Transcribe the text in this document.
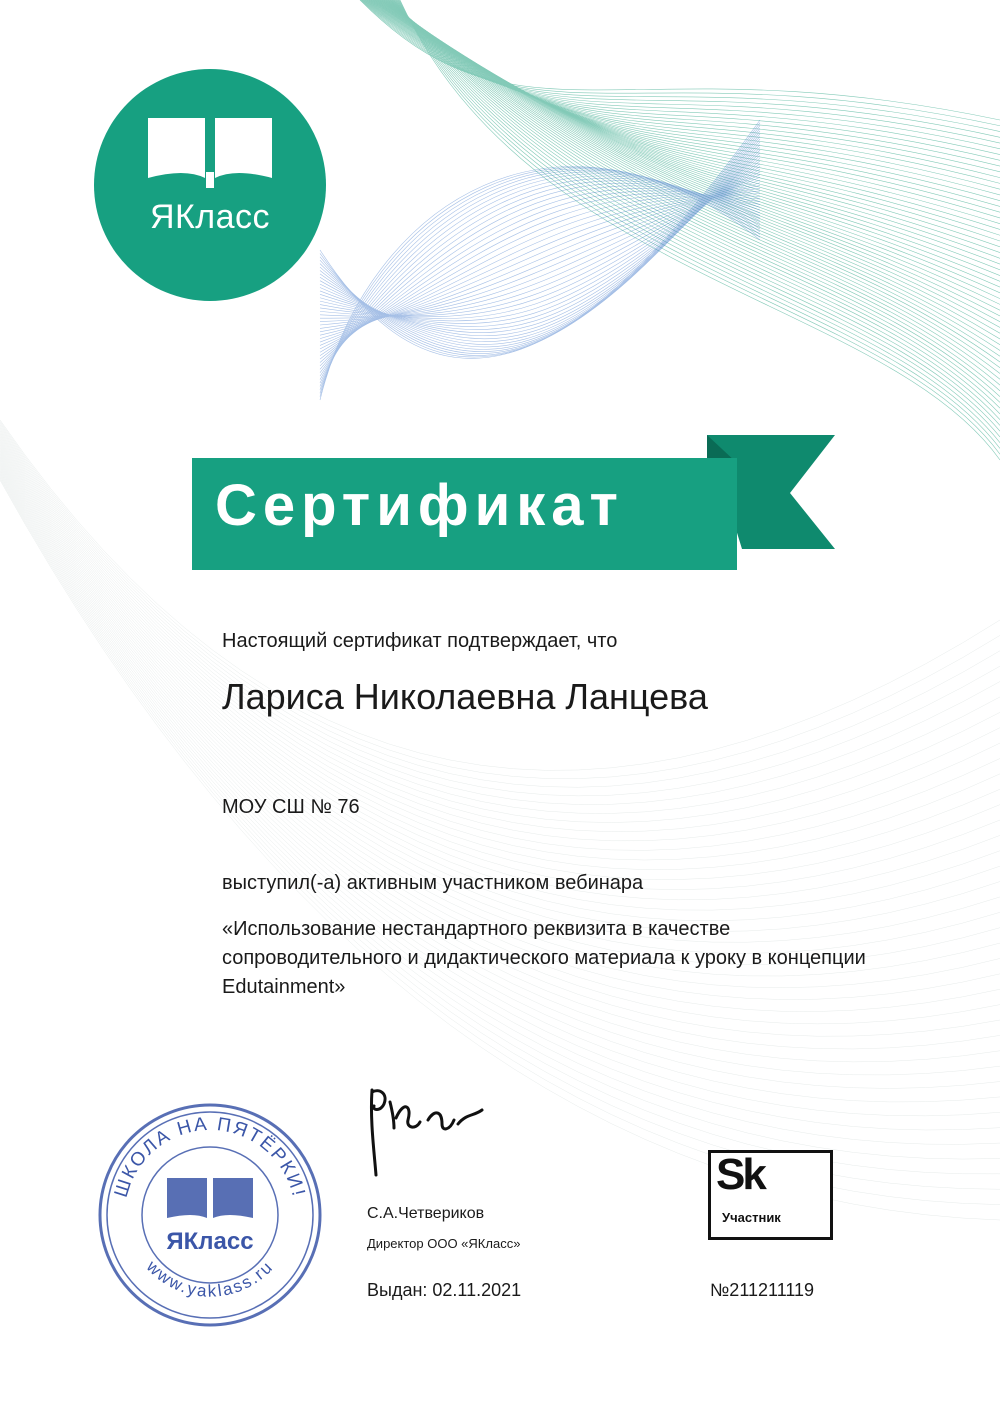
ЯКласс
Сертификат
Настоящий сертификат подтверждает, что
Лариса Николаевна Ланцева
МОУ СШ № 76
выступил(-а) активным участником вебинара
«Использование нестандартного реквизита в качестве сопроводительного и дидактического материала к уроку в концепции Edutainment»
ШКОЛА НА ПЯТЁРКИ!
www.yaklass.ru
ЯКласс
С.А.Четвериков
Директор ООО «ЯКласс»
Выдан: 02.11.2021
Sk
Участник
№211211119
